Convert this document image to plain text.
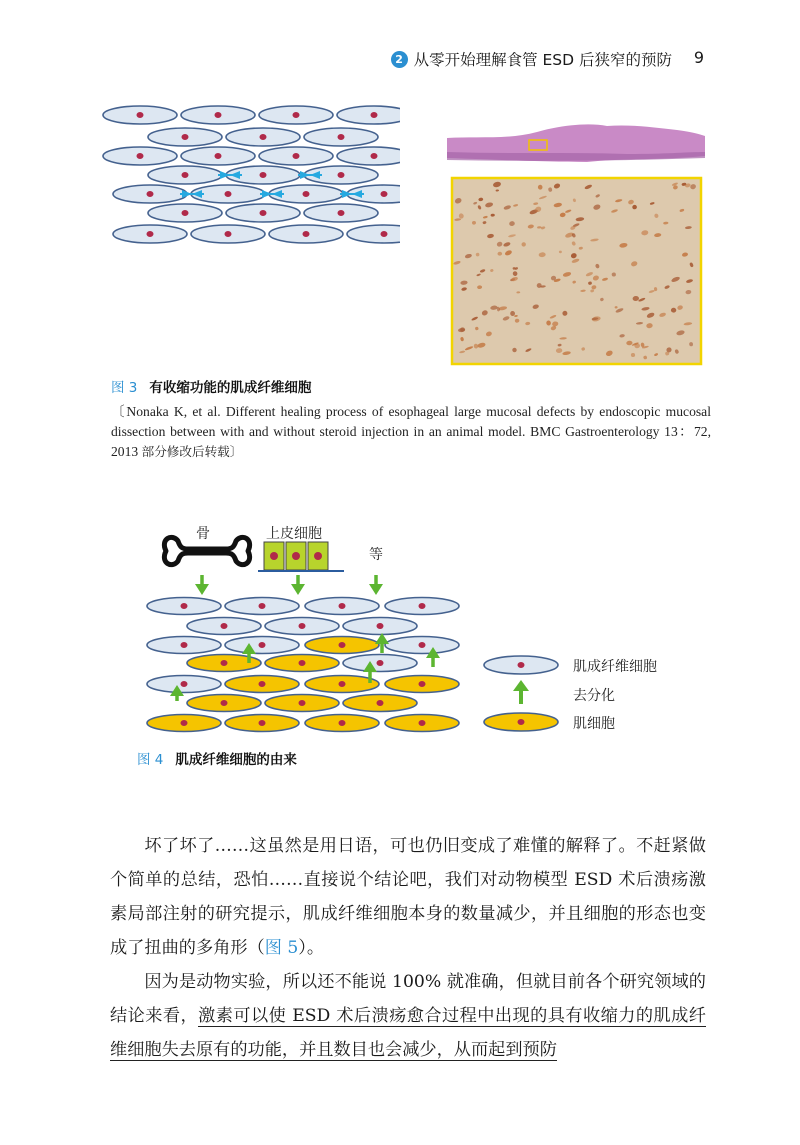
2 从零开始理解食管 ESD 后狭窄的预防 9
图 3 有收缩功能的肌成纤维细胞
〔Nonaka K, et al. Different healing process of esophageal large mucosal defects by endoscopic mucosal dissection between with and without steroid injection in an animal model. BMC Gastroenterology 13：72, 2013 部分修改后转载〕
骨	上皮细胞
等
肌成纤维细胞
去分化
肌细胞
图 4 肌成纤维细胞的由来

坏了坏了……这虽然是用日语，可也仍旧变成了难懂的解释了。不赶紧做个简单的总结，恐怕……直接说个结论吧，我们对动物模型 ESD 术后溃疡激素局部注射的研究提示，肌成纤维细胞本身的数量减少，并且细胞的形态也变成了扭曲的多角形（图 5）。

因为是动物实验，所以还不能说 100% 就准确，但就目前各个研究领域的结论来看，激素可以使 ESD 术后溃疡愈合过程中出现的具有收缩力的肌成纤维细胞失去原有的功能，并且数目也会减少，从而起到预防
